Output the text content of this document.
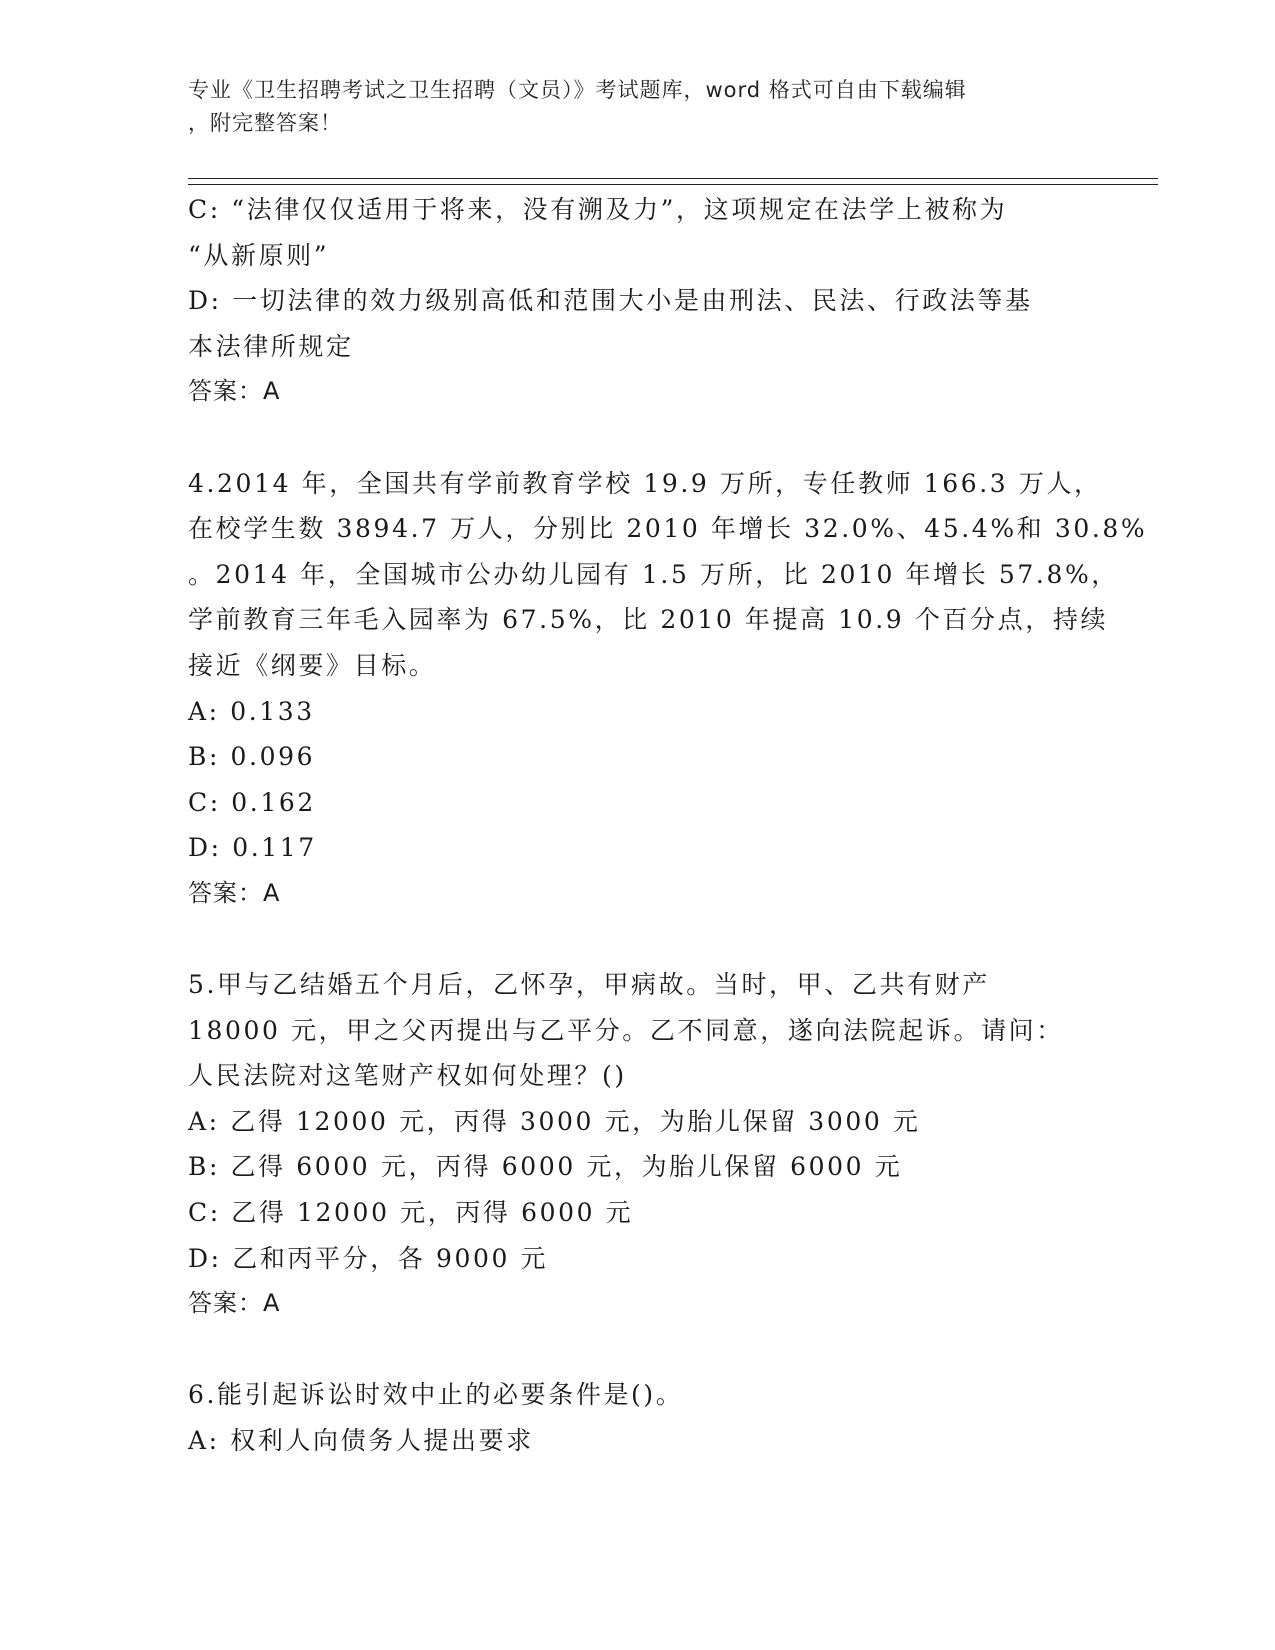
专业《卫生招聘考试之卫生招聘（文员）》考试题库，word 格式可自由下载编辑
，附完整答案！
C: “法律仅仅适用于将来，没有溯及力”，这项规定在法学上被称为
“从新原则”
D: 一切法律的效力级别高低和范围大小是由刑法、民法、行政法等基
本法律所规定
答案：A
4.2014 年，全国共有学前教育学校 19.9 万所，专任教师 166.3 万人，
在校学生数 3894.7 万人，分别比 2010 年增长 32.0%、45.4%和 30.8%
。2014 年，全国城市公办幼儿园有 1.5 万所，比 2010 年增长 57.8%，
学前教育三年毛入园率为 67.5%，比 2010 年提高 10.9 个百分点，持续
接近《纲要》目标。
A: 0.133
B: 0.096
C: 0.162
D: 0.117
答案：A
5.甲与乙结婚五个月后，乙怀孕，甲病故。当时，甲、乙共有财产
18000 元，甲之父丙提出与乙平分。乙不同意，遂向法院起诉。请问：
人民法院对这笔财产权如何处理？()
A: 乙得 12000 元，丙得 3000 元，为胎儿保留 3000 元
B: 乙得 6000 元，丙得 6000 元，为胎儿保留 6000 元
C: 乙得 12000 元，丙得 6000 元
D: 乙和丙平分，各 9000 元
答案：A
6.能引起诉讼时效中止的必要条件是()。
A: 权利人向债务人提出要求
